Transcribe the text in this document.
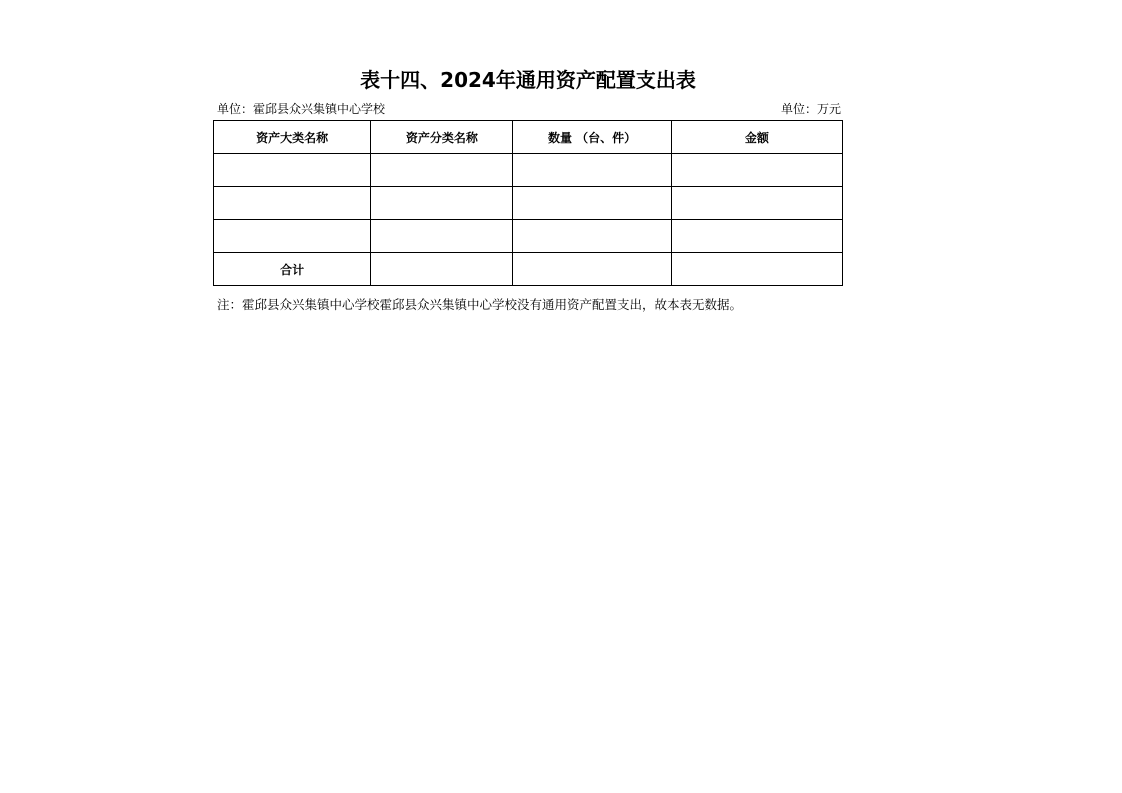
表十四、2024年通用资产配置支出表
单位：霍邱县众兴集镇中心学校	单位：万元
资产大类名称	资产分类名称	数量 （台、件）	金额

合计			
注：霍邱县众兴集镇中心学校霍邱县众兴集镇中心学校没有通用资产配置支出，故本表无数据。
